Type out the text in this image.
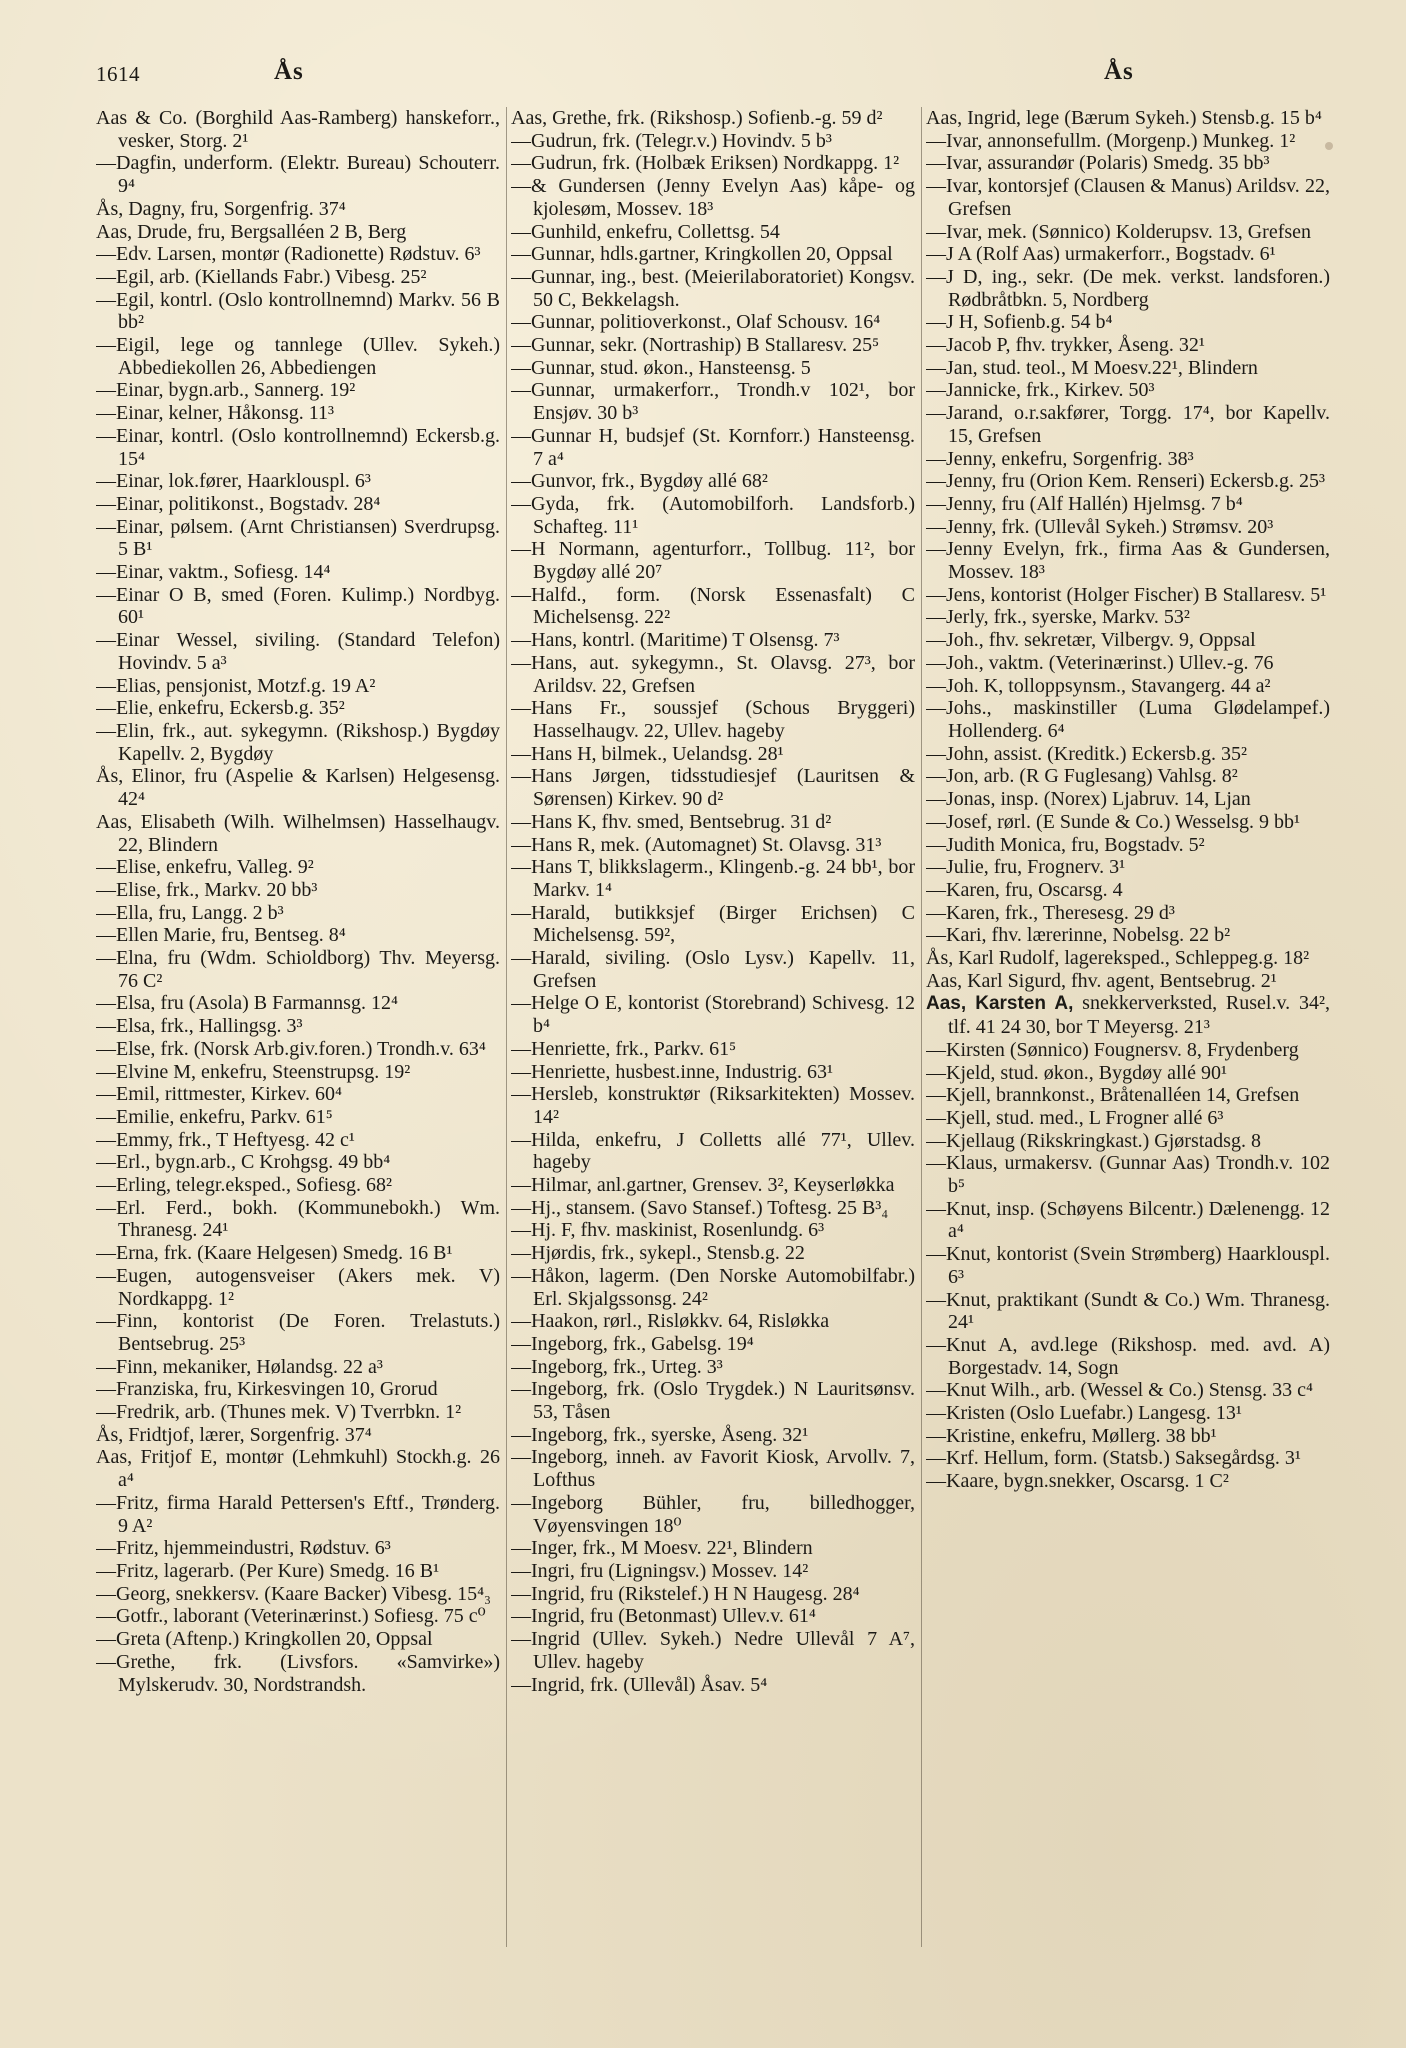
1614	Ås	Ås

Aas & Co. (Borghild Aas-Ramberg) hanskeforr., vesker, Storg. 2¹

—Dagfin, underform. (Elektr. Bureau) Schouterr. 9⁴

Ås, Dagny, fru, Sorgenfrig. 37⁴

Aas, Drude, fru, Bergsalléen 2 B, Berg

—Edv. Larsen, montør (Radionette) Rødstuv. 6³

—Egil, arb. (Kiellands Fabr.) Vibesg. 25²

—Egil, kontrl. (Oslo kontrollnemnd) Markv. 56 B bb²

—Eigil, lege og tannlege (Ullev. Sykeh.) Abbediekollen 26, Abbediengen

—Einar, bygn.arb., Sannerg. 19²

—Einar, kelner, Håkonsg. 11³

—Einar, kontrl. (Oslo kontrollnemnd) Eckersb.g. 15⁴

—Einar, lok.fører, Haarklouspl. 6³

—Einar, politikonst., Bogstadv. 28⁴

—Einar, pølsem. (Arnt Christiansen) Sverdrupsg. 5 B¹

—Einar, vaktm., Sofiesg. 14⁴

—Einar O B, smed (Foren. Kulimp.) Nordbyg. 60¹

—Einar Wessel, siviling. (Standard Telefon) Hovindv. 5 a³

—Elias, pensjonist, Motzf.g. 19 A²

—Elie, enkefru, Eckersb.g. 35²

—Elin, frk., aut. sykegymn. (Rikshosp.) Bygdøy Kapellv. 2, Bygdøy

Ås, Elinor, fru (Aspelie & Karlsen) Helgesensg. 42⁴

Aas, Elisabeth (Wilh. Wilhelmsen) Hasselhaugv. 22, Blindern

—Elise, enkefru, Valleg. 9²

—Elise, frk., Markv. 20 bb³

—Ella, fru, Langg. 2 b³

—Ellen Marie, fru, Bentseg. 8⁴

—Elna, fru (Wdm. Schioldborg) Thv. Meyersg. 76 C²

—Elsa, fru (Asola) B Farmannsg. 12⁴

—Elsa, frk., Hallingsg. 3³

—Else, frk. (Norsk Arb.giv.foren.) Trondh.v. 63⁴

—Elvine M, enkefru, Steenstrupsg. 19²

—Emil, rittmester, Kirkev. 60⁴

—Emilie, enkefru, Parkv. 61⁵

—Emmy, frk., T Heftyesg. 42 c¹

—Erl., bygn.arb., C Krohgsg. 49 bb⁴

—Erling, telegr.eksped., Sofiesg. 68²

—Erl. Ferd., bokh. (Kommunebokh.) Wm. Thranesg. 24¹

—Erna, frk. (Kaare Helgesen) Smedg. 16 B¹

—Eugen, autogensveiser (Akers mek. V) Nordkappg. 1²

—Finn, kontorist (De Foren. Trelastuts.) Bentsebrug. 25³

—Finn, mekaniker, Hølandsg. 22 a³

—Franziska, fru, Kirkesvingen 10, Grorud

—Fredrik, arb. (Thunes mek. V) Tverrbkn. 1²

Ås, Fridtjof, lærer, Sorgenfrig. 37⁴

Aas, Fritjof E, montør (Lehmkuhl) Stockh.g. 26 a⁴

—Fritz, firma Harald Pettersen's Eftf., Trønderg. 9 A²

—Fritz, hjemmeindustri, Rødstuv. 6³

—Fritz, lagerarb. (Per Kure) Smedg. 16 B¹

—Georg, snekkersv. (Kaare Backer) Vibesg. 15⁴₃

—Gotfr., laborant (Veterinærinst.) Sofiesg. 75 c⁰

—Greta (Aftenp.) Kringkollen 20, Oppsal

—Grethe, frk. (Livsfors. «Samvirke») Mylskerudv. 30, Nordstrandsh.

Aas, Grethe, frk. (Rikshosp.) Sofienb.-g. 59 d²

—Gudrun, frk. (Telegr.v.) Hovindv. 5 b³

—Gudrun, frk. (Holbæk Eriksen) Nordkappg. 1²

—& Gundersen (Jenny Evelyn Aas) kåpe- og kjolesøm, Mossev. 18³

—Gunhild, enkefru, Collettsg. 54

—Gunnar, hdls.gartner, Kringkollen 20, Oppsal

—Gunnar, ing., best. (Meierilaboratoriet) Kongsv. 50 C, Bekkelagsh.

—Gunnar, politioverkonst., Olaf Schousv. 16⁴

—Gunnar, sekr. (Nortraship) B Stallaresv. 25⁵

—Gunnar, stud. økon., Hansteensg. 5

—Gunnar, urmakerforr., Trondh.v 102¹, bor Ensjøv. 30 b³

—Gunnar H, budsjef (St. Kornforr.) Hansteensg. 7 a⁴

—Gunvor, frk., Bygdøy allé 68²

—Gyda, frk. (Automobilforh. Landsforb.) Schafteg. 11¹

—H Normann, agenturforr., Tollbug. 11², bor Bygdøy allé 20⁷

—Halfd., form. (Norsk Essenasfalt) C Michelsensg. 22²

—Hans, kontrl. (Maritime) T Olsensg. 7³

—Hans, aut. sykegymn., St. Olavsg. 27³, bor Arildsv. 22, Grefsen

—Hans Fr., soussjef (Schous Bryggeri) Hasselhaugv. 22, Ullev. hageby

—Hans H, bilmek., Uelandsg. 28¹

—Hans Jørgen, tidsstudiesjef (Lauritsen & Sørensen) Kirkev. 90 d²

—Hans K, fhv. smed, Bentsebrug. 31 d²

—Hans R, mek. (Automagnet) St. Olavsg. 31³

—Hans T, blikkslagerm., Klingenb.-g. 24 bb¹, bor Markv. 1⁴

—Harald, butikksjef (Birger Erichsen) C Michelsensg. 59²,

—Harald, siviling. (Oslo Lysv.) Kapellv. 11, Grefsen

—Helge O E, kontorist (Storebrand) Schivesg. 12 b⁴

—Henriette, frk., Parkv. 61⁵

—Henriette, husbest.inne, Industrig. 63¹

—Hersleb, konstruktør (Riksarkitekten) Mossev. 14²

—Hilda, enkefru, J Colletts allé 77¹, Ullev. hageby

—Hilmar, anl.gartner, Grensev. 3², Keyserløkka

—Hj., stansem. (Savo Stansef.) Toftesg. 25 B³₄

—Hj. F, fhv. maskinist, Rosenlundg. 6³

—Hjørdis, frk., sykepl., Stensb.g. 22

—Håkon, lagerm. (Den Norske Automobilfabr.) Erl. Skjalgssonsg. 24²

—Haakon, rørl., Risløkkv. 64, Risløkka

—Ingeborg, frk., Gabelsg. 19⁴

—Ingeborg, frk., Urteg. 3³

—Ingeborg, frk. (Oslo Trygdek.) N Lauritsønsv. 53, Tåsen

—Ingeborg, frk., syerske, Åseng. 32¹

—Ingeborg, inneh. av Favorit Kiosk, Arvollv. 7, Lofthus

—Ingeborg Bühler, fru, billedhogger, Vøyensvingen 18⁰

—Inger, frk., M Moesv. 22¹, Blindern

—Ingri, fru (Ligningsv.) Mossev. 14²

—Ingrid, fru (Rikstelef.) H N Haugesg. 28⁴

—Ingrid, fru (Betonmast) Ullev.v. 61⁴

—Ingrid (Ullev. Sykeh.) Nedre Ullevål 7 A⁷, Ullev. hageby

—Ingrid, frk. (Ullevål) Åsav. 5⁴

Aas, Ingrid, lege (Bærum Sykeh.) Stensb.g. 15 b⁴

—Ivar, annonsefullm. (Morgenp.) Munkeg. 1²

—Ivar, assurandør (Polaris) Smedg. 35 bb³

—Ivar, kontorsjef (Clausen & Manus) Arildsv. 22, Grefsen

—Ivar, mek. (Sønnico) Kolderupsv. 13, Grefsen

—J A (Rolf Aas) urmakerforr., Bogstadv. 6¹

—J D, ing., sekr. (De mek. verkst. landsforen.) Rødbråtbkn. 5, Nordberg

—J H, Sofienb.g. 54 b⁴

—Jacob P, fhv. trykker, Åseng. 32¹

—Jan, stud. teol., M Moesv.22¹, Blindern

—Jannicke, frk., Kirkev. 50³

—Jarand, o.r.sakfører, Torgg. 17⁴, bor Kapellv. 15, Grefsen

—Jenny, enkefru, Sorgenfrig. 38³

—Jenny, fru (Orion Kem. Renseri) Eckersb.g. 25³

—Jenny, fru (Alf Hallén) Hjelmsg. 7 b⁴

—Jenny, frk. (Ullevål Sykeh.) Strømsv. 20³

—Jenny Evelyn, frk., firma Aas & Gundersen, Mossev. 18³

—Jens, kontorist (Holger Fischer) B Stallaresv. 5¹

—Jerly, frk., syerske, Markv. 53²

—Joh., fhv. sekretær, Vilbergv. 9, Oppsal

—Joh., vaktm. (Veterinærinst.) Ullev.-g. 76

—Joh. K, tolloppsynsm., Stavangerg. 44 a²

—Johs., maskinstiller (Luma Glødelampef.) Hollenderg. 6⁴

—John, assist. (Kreditk.) Eckersb.g. 35²

—Jon, arb. (R G Fuglesang) Vahlsg. 8²

—Jonas, insp. (Norex) Ljabruv. 14, Ljan

—Josef, rørl. (E Sunde & Co.) Wesselsg. 9 bb¹

—Judith Monica, fru, Bogstadv. 5²

—Julie, fru, Frognerv. 3¹

—Karen, fru, Oscarsg. 4

—Karen, frk., Theresesg. 29 d³

—Kari, fhv. lærerinne, Nobelsg. 22 b²

Ås, Karl Rudolf, lagereksped., Schleppeg.g. 18²

Aas, Karl Sigurd, fhv. agent, Bentsebrug. 2¹

Aas, Karsten A, snekkerverksted, Rusel.v. 34², tlf. 41 24 30, bor T Meyersg. 21³

—Kirsten (Sønnico) Fougnersv. 8, Frydenberg

—Kjeld, stud. økon., Bygdøy allé 90¹

—Kjell, brannkonst., Bråtenalléen 14, Grefsen

—Kjell, stud. med., L Frogner allé 6³

—Kjellaug (Rikskringkast.) Gjørstadsg. 8

—Klaus, urmakersv. (Gunnar Aas) Trondh.v. 102 b⁵

—Knut, insp. (Schøyens Bilcentr.) Dælenengg. 12 a⁴

—Knut, kontorist (Svein Strømberg) Haarklouspl. 6³

—Knut, praktikant (Sundt & Co.) Wm. Thranesg. 24¹

—Knut A, avd.lege (Rikshosp. med. avd. A) Borgestadv. 14, Sogn

—Knut Wilh., arb. (Wessel & Co.) Stensg. 33 c⁴

—Kristen (Oslo Luefabr.) Langesg. 13¹

—Kristine, enkefru, Møllerg. 38 bb¹

—Krf. Hellum, form. (Statsb.) Saksegårdsg. 3¹

—Kaare, bygn.snekker, Oscarsg. 1 C²
